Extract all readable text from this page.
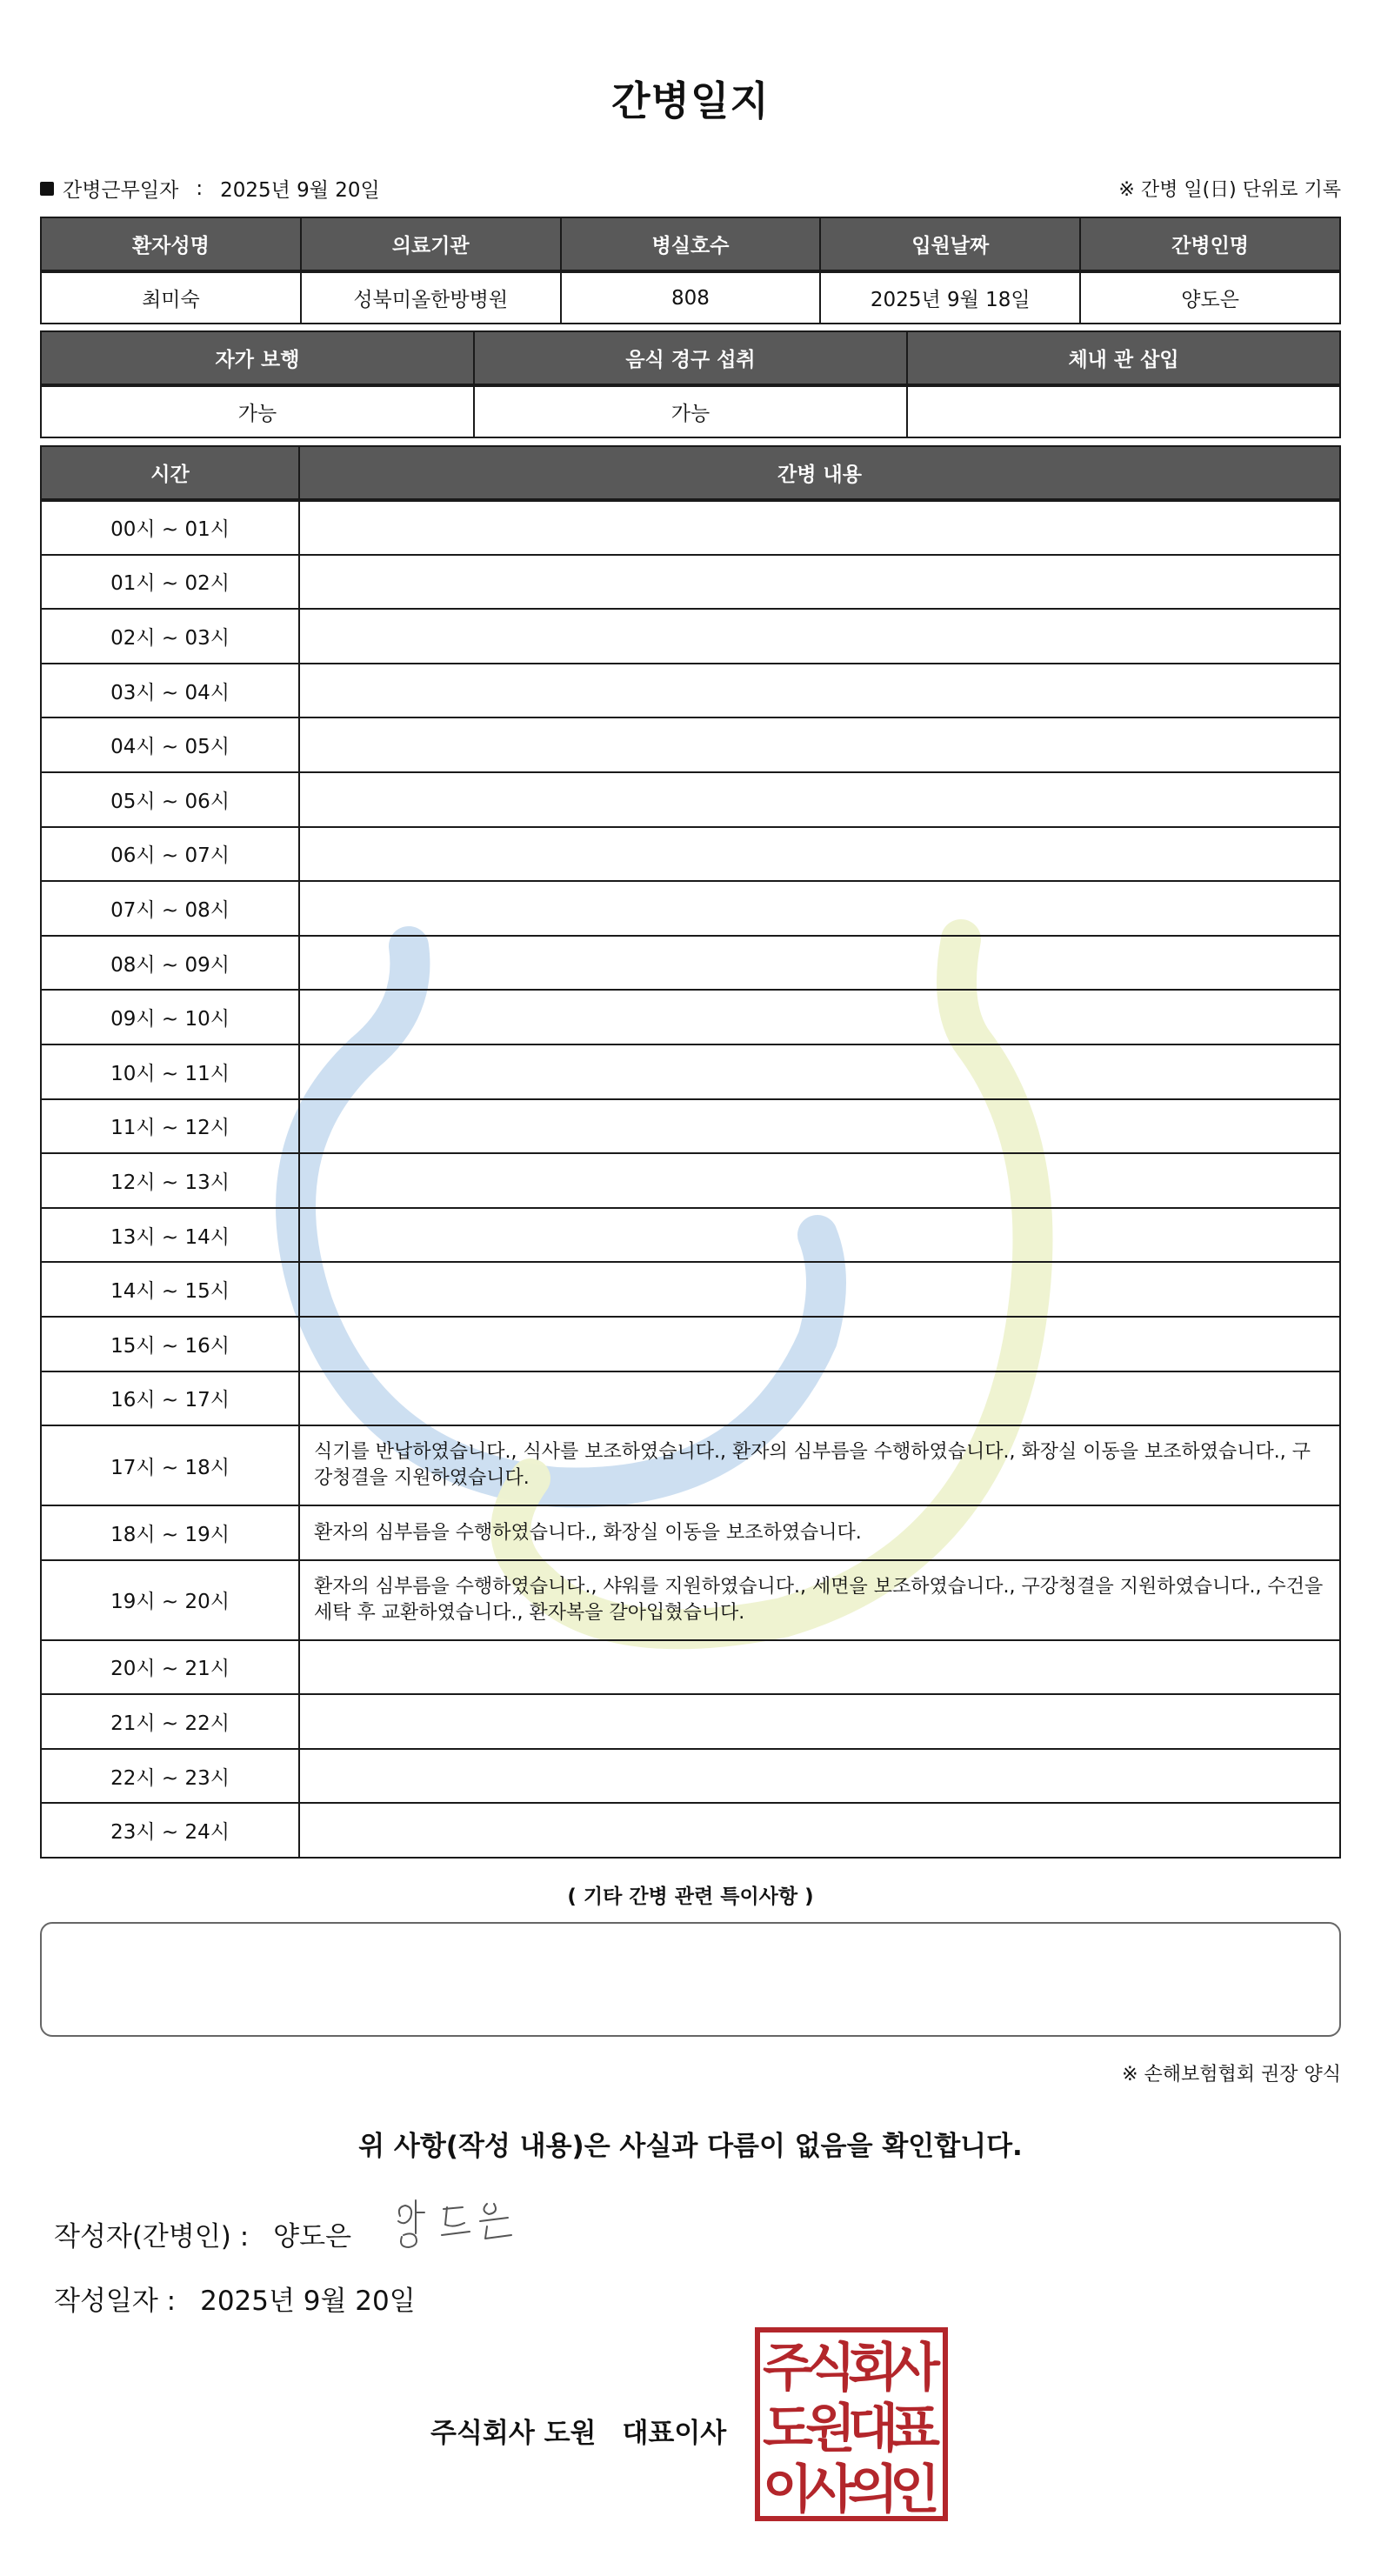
간병일지
간병근무일자 : 2025년 9월 20일	※ 간병 일(日) 단위로 기록
환자성명	의료기관	병실호수	입원날짜	간병인명
최미숙	성북미올한방병원	808	2025년 9월 18일	양도은
자가 보행	음식 경구 섭취	체내 관 삽입
가능	가능	
시간	간병 내용
00시 ~ 01시	
01시 ~ 02시	
02시 ~ 03시	
03시 ~ 04시	
04시 ~ 05시	
05시 ~ 06시	
06시 ~ 07시	
07시 ~ 08시	
08시 ~ 09시	
09시 ~ 10시	
10시 ~ 11시	
11시 ~ 12시	
12시 ~ 13시	
13시 ~ 14시	
14시 ~ 15시	
15시 ~ 16시	
16시 ~ 17시	
17시 ~ 18시	식기를 반납하였습니다., 식사를 보조하였습니다., 환자의 심부름을 수행하였습니다., 화장실 이동을 보조하였습니다., 구강청결을 지원하였습니다.
18시 ~ 19시	환자의 심부름을 수행하였습니다., 화장실 이동을 보조하였습니다.
19시 ~ 20시	환자의 심부름을 수행하였습니다., 샤워를 지원하였습니다., 세면을 보조하였습니다., 구강청결을 지원하였습니다., 수건을 세탁 후 교환하였습니다., 환자복을 갈아입혔습니다.
20시 ~ 21시	
21시 ~ 22시	
22시 ~ 23시	
23시 ~ 24시	
( 기타 간병 관련 특이사항 )
※ 손해보험협회 권장 양식
위 사항(작성 내용)은 사실과 다름이 없음을 확인합니다.
작성자(간병인) : 양도은
작성일자 : 2025년 9월 20일
주식회사 도원 대표이사
주
식
회
사
도
원
대
표
이
사
의
인
